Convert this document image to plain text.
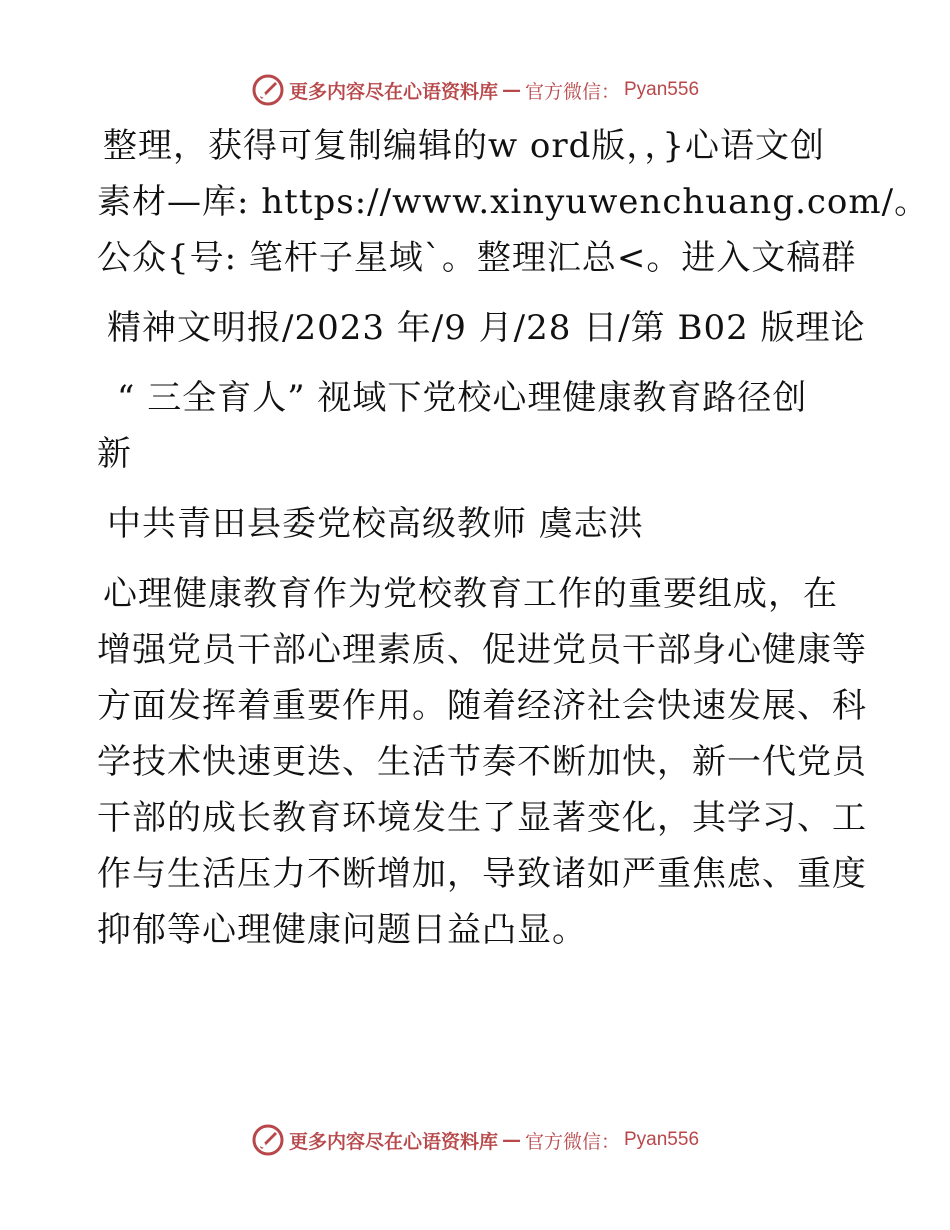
更多内容尽在心语资料库 — 官方微信： Pyan556

整理，获得可复制编辑的w ord版，，}心语文创

素材—库: https://www.xinyuwenchuang.com/。

公众{号: 笔杆子星域`。整理汇总<。进入文稿群

精神文明报/2023 年/9 月/28 日/第 B02 版理论

“ 三全育人” 视域下党校心理健康教育路径创

新

中共青田县委党校高级教师 虞志洪

心理健康教育作为党校教育工作的重要组成，在

增强党员干部心理素质、促进党员干部身心健康等

方面发挥着重要作用。随着经济社会快速发展、科

学技术快速更迭、生活节奏不断加快，新一代党员

干部的成长教育环境发生了显著变化，其学习、工

作与生活压力不断增加，导致诸如严重焦虑、重度

抑郁等心理健康问题日益凸显。

更多内容尽在心语资料库 — 官方微信： Pyan556
